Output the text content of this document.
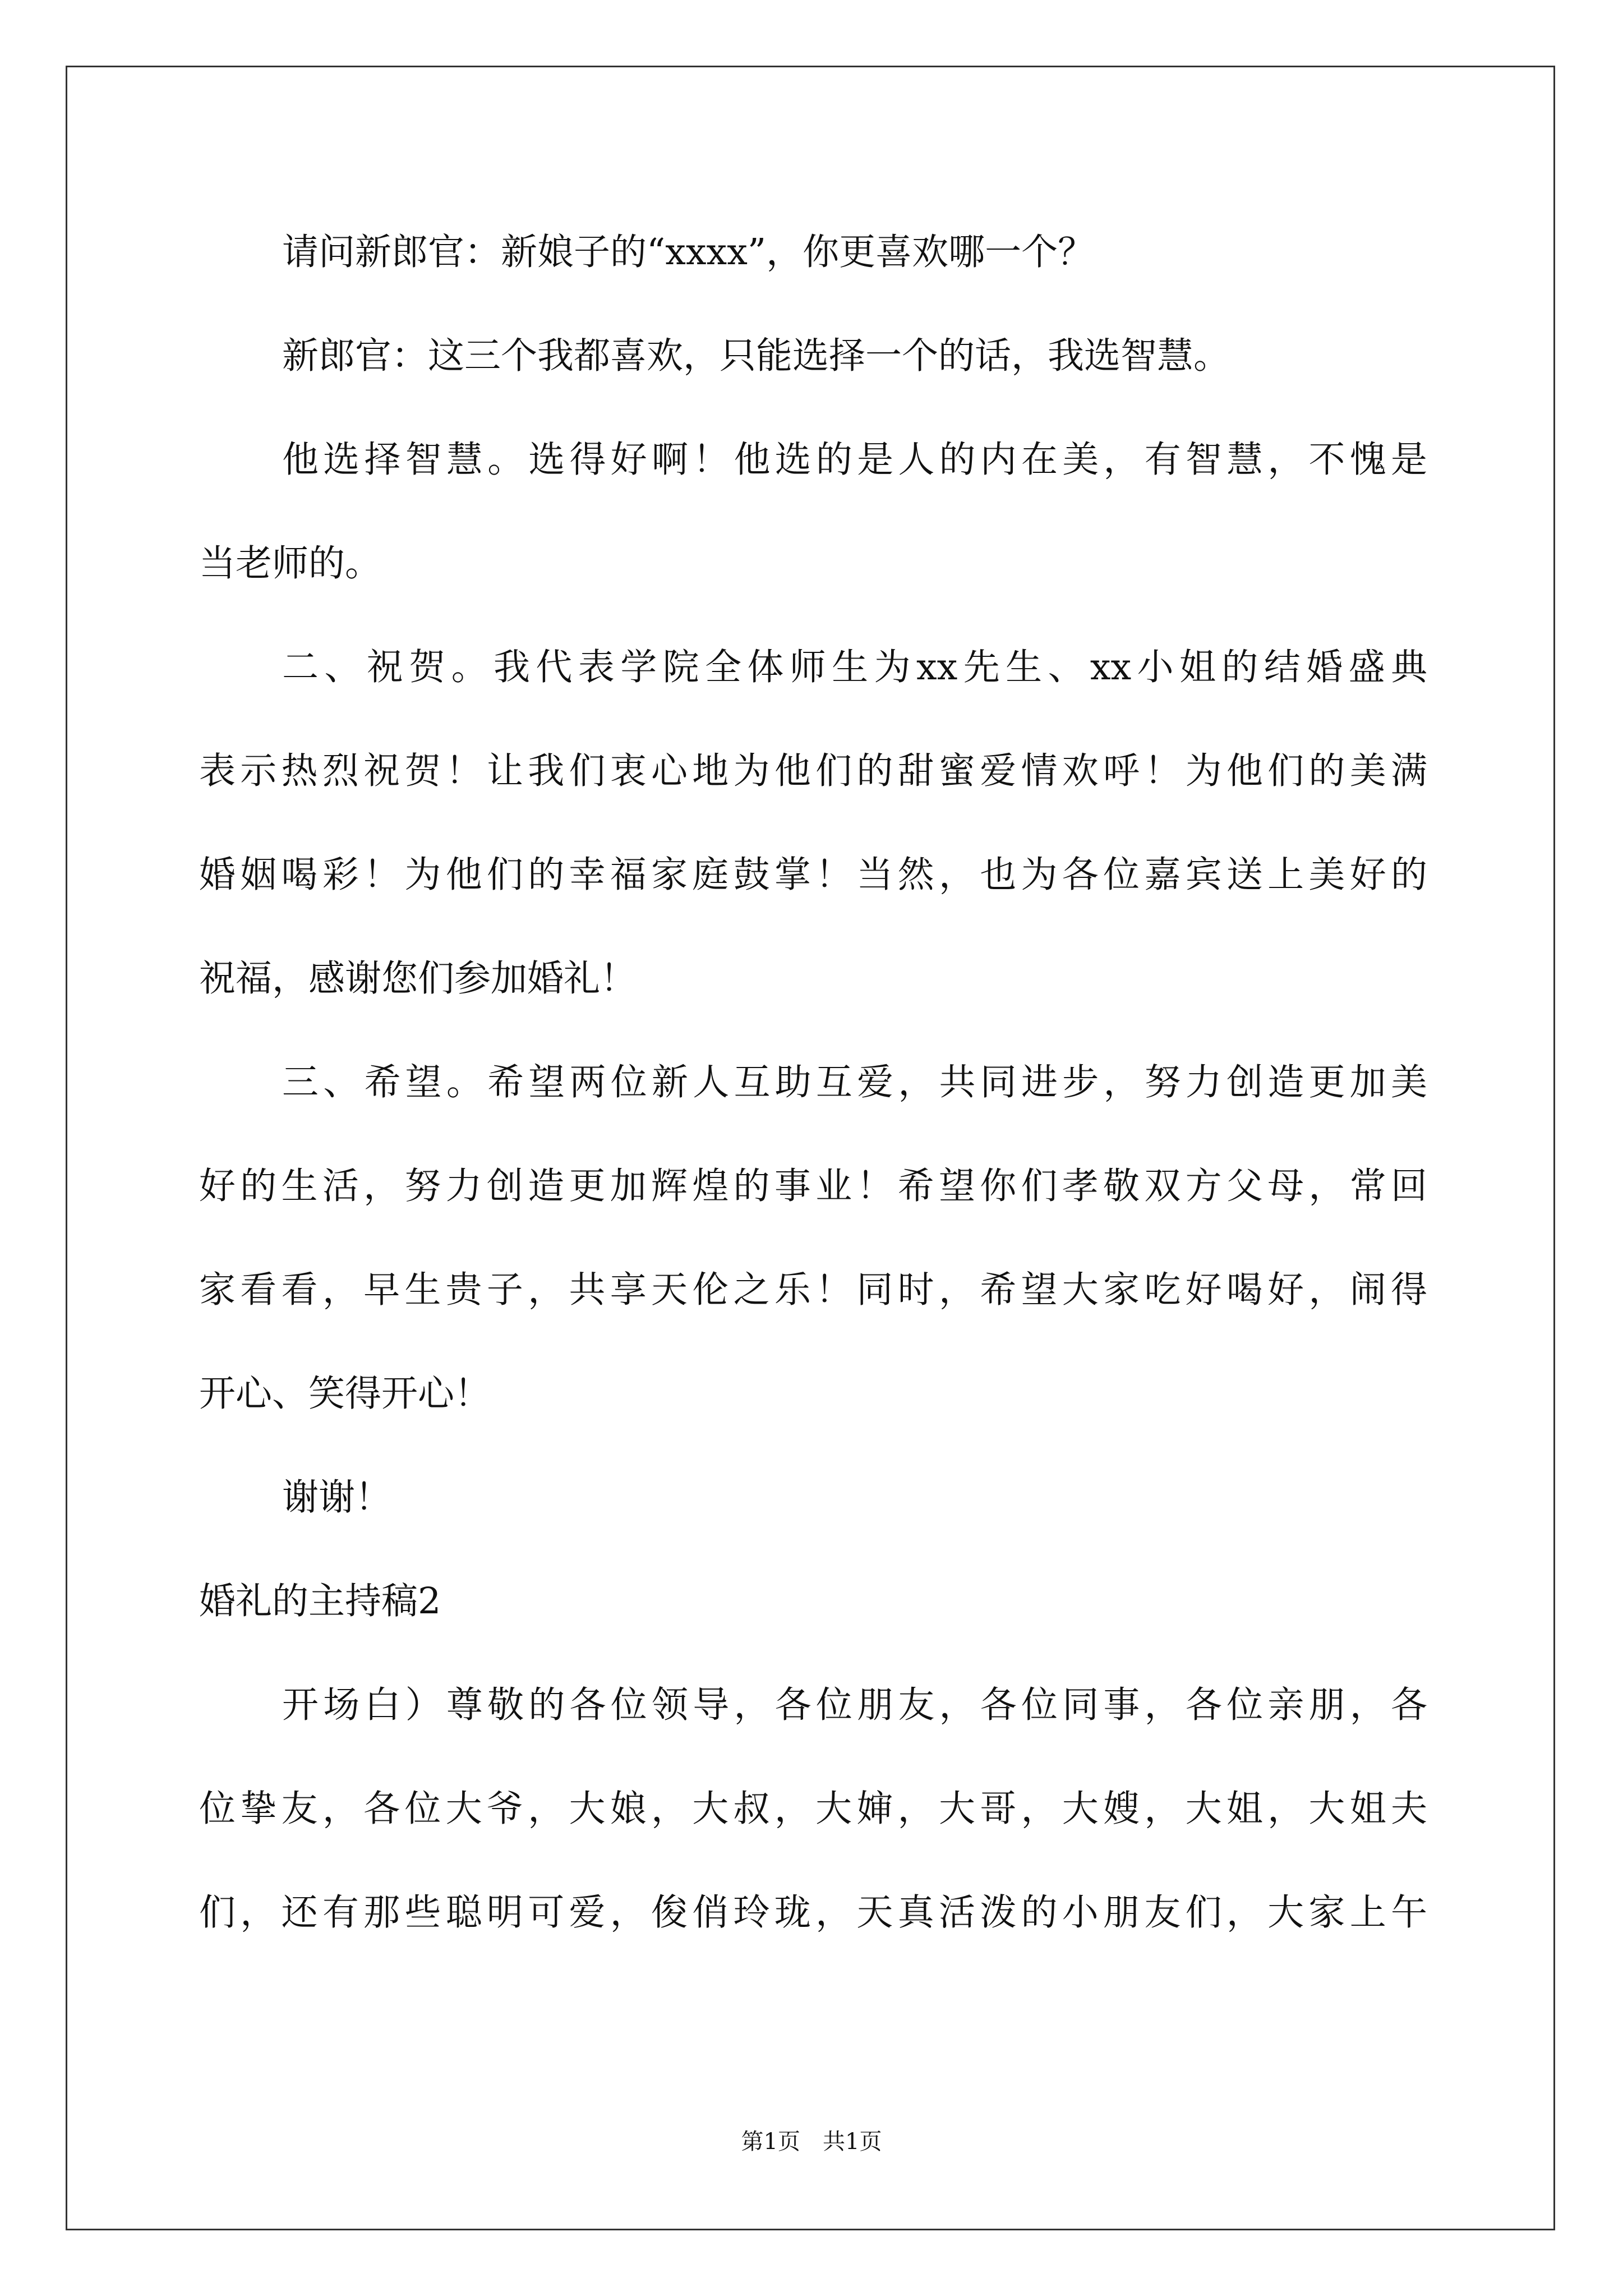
请问新郎官：新娘子的“xxxx”，你更喜欢哪一个？
新郎官：这三个我都喜欢，只能选择一个的话，我选智慧。
他选择智慧。选得好啊！他选的是人的内在美，有智慧，不愧是
当老师的。
二、祝贺。我代表学院全体师生为xx先生、xx小姐的结婚盛典
表示热烈祝贺！让我们衷心地为他们的甜蜜爱情欢呼！为他们的美满
婚姻喝彩！为他们的幸福家庭鼓掌！当然，也为各位嘉宾送上美好的
祝福，感谢您们参加婚礼！
三、希望。希望两位新人互助互爱，共同进步，努力创造更加美
好的生活，努力创造更加辉煌的事业！希望你们孝敬双方父母，常回
家看看，早生贵子，共享天伦之乐！同时，希望大家吃好喝好，闹得
开心、笑得开心！
谢谢！
婚礼的主持稿2
开场白）尊敬的各位领导，各位朋友，各位同事，各位亲朋，各
位挚友，各位大爷，大娘，大叔，大婶，大哥，大嫂，大姐，大姐夫
们，还有那些聪明可爱，俊俏玲珑，天真活泼的小朋友们，大家上午
第1页　共1页
